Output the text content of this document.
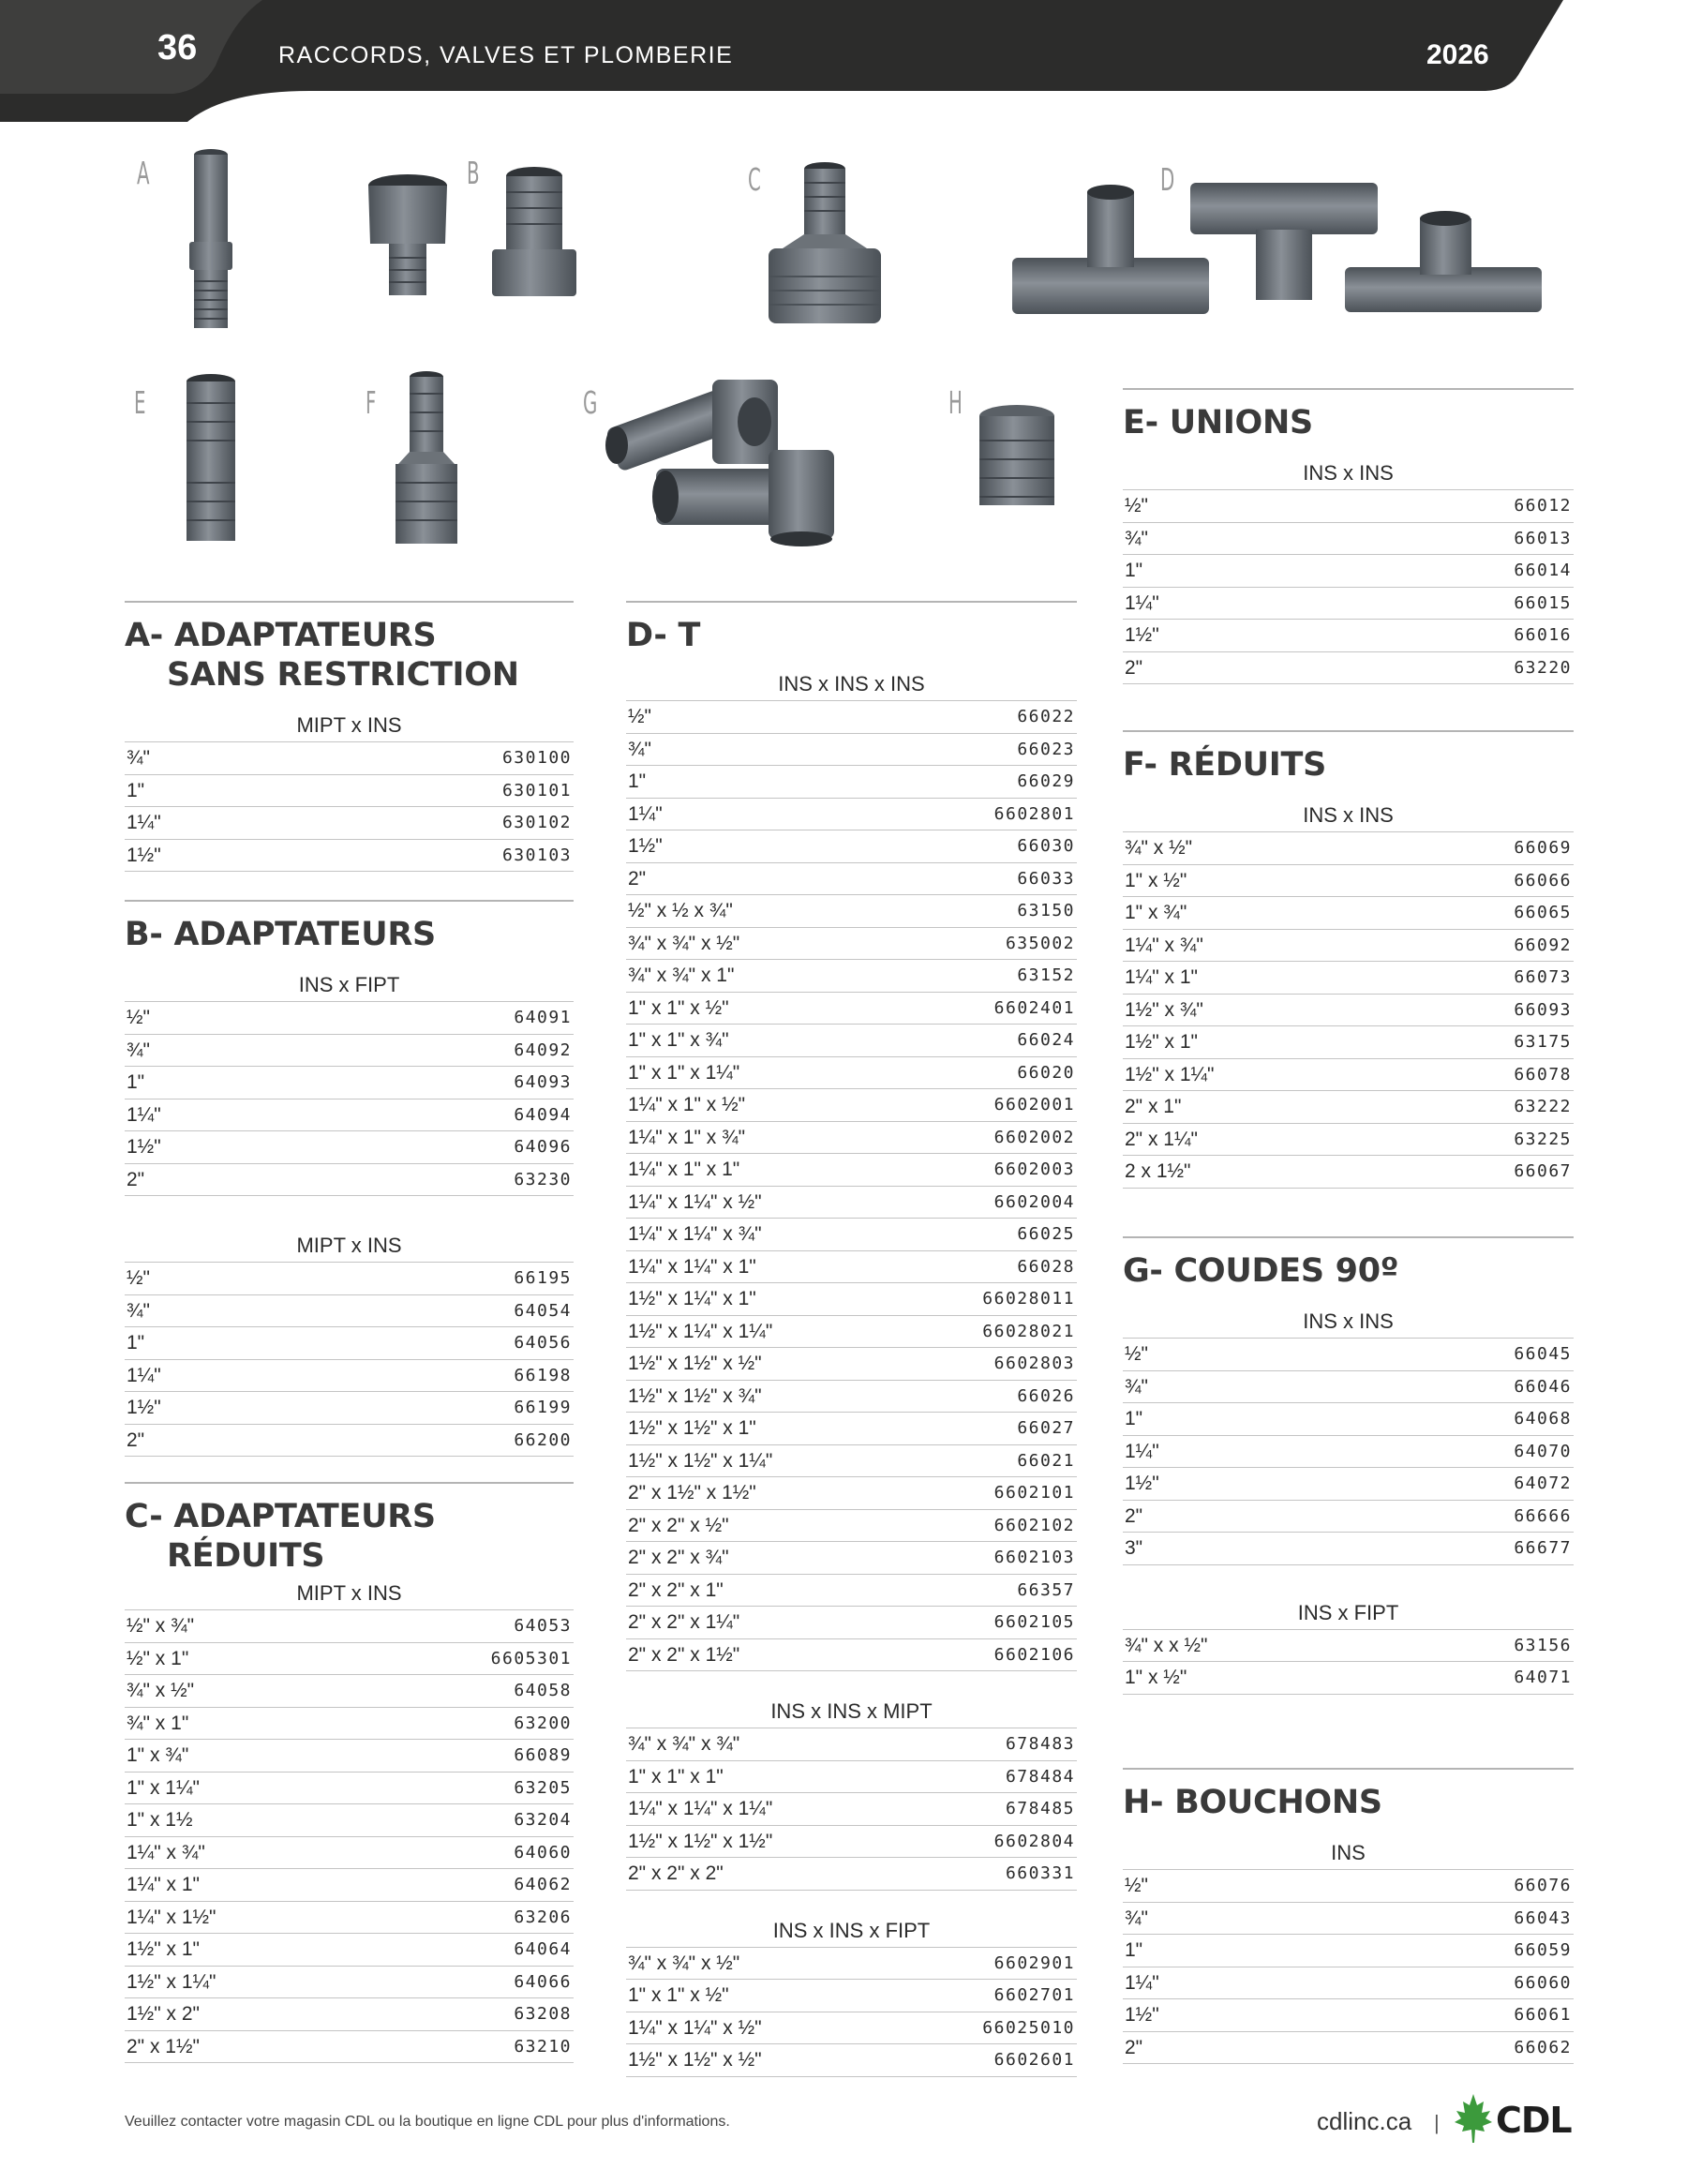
36	RACCORDS, VALVES ET PLOMBERIE	2026
A	B	C	D
E	F	G	H
A- ADAPTATEURS
SANS RESTRICTION
MIPT x INS
¾"	630100
1"	630101
1¼"	630102
1½"	630103
B- ADAPTATEURS
INS x FIPT
½"	64091
¾"	64092
1"	64093
1¼"	64094
1½"	64096
2"	63230
MIPT x INS
½"	66195
¾"	64054
1"	64056
1¼"	66198
1½"	66199
2"	66200
C- ADAPTATEURS
RÉDUITS
MIPT x INS
½" x ¾"	64053
½" x 1"	6605301
¾" x ½"	64058
¾" x 1"	63200
1" x ¾"	66089
1" x 1¼"	63205
1" x 1½	63204
1¼" x ¾"	64060
1¼" x 1"	64062
1¼" x 1½"	63206
1½" x 1"	64064
1½" x 1¼"	64066
1½" x 2"	63208
2" x 1½"	63210
D- T
INS x INS x INS
½"	66022
¾"	66023
1"	66029
1¼"	6602801
1½"	66030
2"	66033
½" x ½ x ¾"	63150
¾" x ¾" x ½"	635002
¾" x ¾" x 1"	63152
1" x 1" x ½"	6602401
1" x 1" x ¾"	66024
1" x 1" x 1¼"	66020
1¼" x 1" x ½"	6602001
1¼" x 1" x ¾"	6602002
1¼" x 1" x 1"	6602003
1¼" x 1¼" x ½"	6602004
1¼" x 1¼" x ¾"	66025
1¼" x 1¼" x 1"	66028
1½" x 1¼" x 1"	66028011
1½" x 1¼" x 1¼"	66028021
1½" x 1½" x ½"	6602803
1½" x 1½" x ¾"	66026
1½" x 1½" x 1"	66027
1½" x 1½" x 1¼"	66021
2" x 1½" x 1½"	6602101
2" x 2" x ½"	6602102
2" x 2" x ¾"	6602103
2" x 2" x 1"	66357
2" x 2" x 1¼"	6602105
2" x 2" x 1½"	6602106
INS x INS x MIPT
¾" x ¾" x ¾"	678483
1" x 1" x 1"	678484
1¼" x 1¼" x 1¼"	678485
1½" x 1½" x 1½"	6602804
2" x 2" x 2"	660331
INS x INS x FIPT
¾" x ¾" x ½"	6602901
1" x 1" x ½"	6602701
1¼" x 1¼" x ½"	66025010
1½" x 1½" x ½"	6602601
E- UNIONS
INS x INS
½"	66012
¾"	66013
1"	66014
1¼"	66015
1½"	66016
2"	63220
F- RÉDUITS
INS x INS
¾" x ½"	66069
1" x ½"	66066
1" x ¾"	66065
1¼" x ¾"	66092
1¼" x 1"	66073
1½" x ¾"	66093
1½" x 1"	63175
1½" x 1¼"	66078
2" x 1"	63222
2" x 1¼"	63225
2 x 1½"	66067
G- COUDES 90º
INS x INS
½"	66045
¾"	66046
1"	64068
1¼"	64070
1½"	64072
2"	66666
3"	66677
INS x FIPT
¾" x x ½"	63156
1" x ½"	64071
H- BOUCHONS
INS
½"	66076
¾"	66043
1"	66059
1¼"	66060
1½"	66061
2"	66062
Veuillez contacter votre magasin CDL ou la boutique en ligne CDL pour plus d'informations.	cdlinc.ca | CDL
